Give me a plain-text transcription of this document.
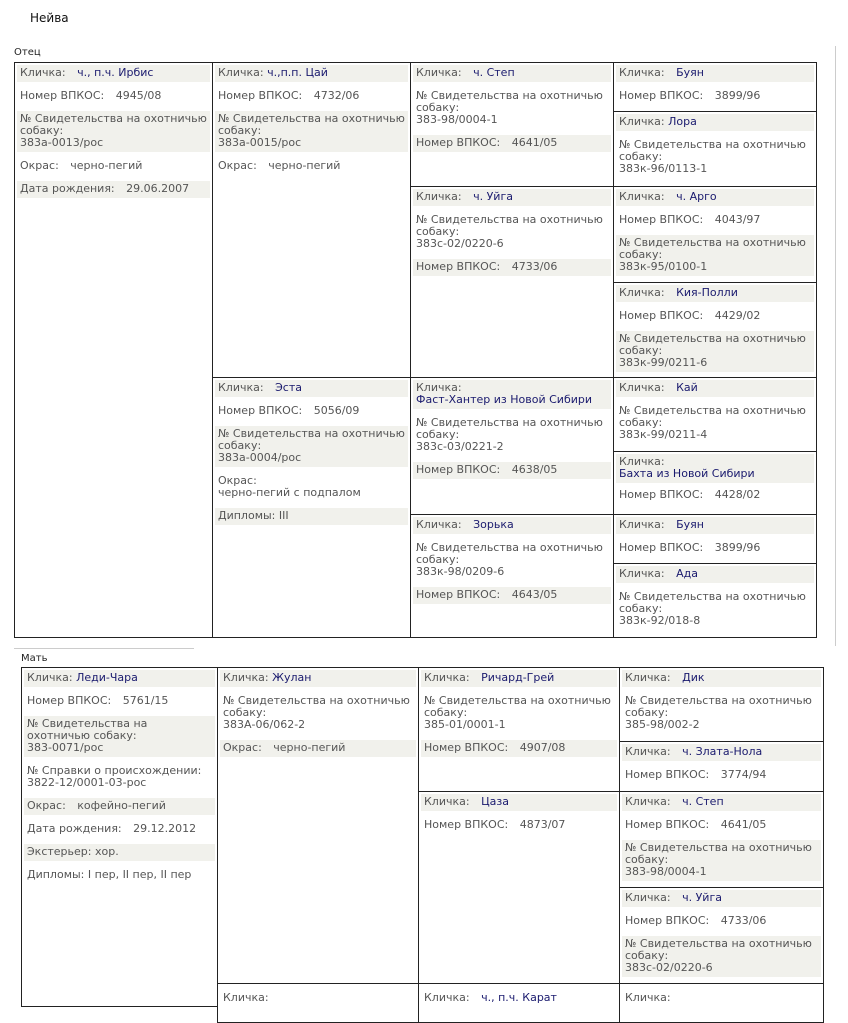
Нейва
Отец
Кличка: ч., п.ч. Ирбис
Номер ВПКОС: 4945/08
№ Свидетельства на охотничью собаку:
383а-0013/рос
Окрас: черно-пегий
Дата рождения: 29.06.2007
Кличка: ч.,п.п. Цай
Номер ВПКОС: 4732/06
№ Свидетельства на охотничью собаку:
383а-0015/рос
Окрас: черно-пегий
Кличка: Эста
Номер ВПКОС: 5056/09
№ Свидетельства на охотничью собаку:
383а-0004/рос
Окрас:
черно-пегий с подпалом
Дипломы: III
Кличка: ч. Степ
№ Свидетельства на охотничью собаку:
383-98/0004-1
Номер ВПКОС: 4641/05
Кличка: ч. Уйга
№ Свидетельства на охотничью собаку:
383с-02/0220-6
Номер ВПКОС: 4733/06
Кличка:
Фаст-Хантер из Новой Сибири
№ Свидетельства на охотничью собаку:
383с-03/0221-2
Номер ВПКОС: 4638/05
Кличка: Зорька
№ Свидетельства на охотничью собаку:
383к-98/0209-6
Номер ВПКОС: 4643/05
Кличка: Буян
Номер ВПКОС: 3899/96
Кличка: Лора
№ Свидетельства на охотничью собаку:
383к-96/0113-1
Кличка: ч. Арго
Номер ВПКОС: 4043/97
№ Свидетельства на охотничью собаку:
383к-95/0100-1
Кличка: Кия-Полли
Номер ВПКОС: 4429/02
№ Свидетельства на охотничью собаку:
383к-99/0211-6
Кличка: Кай
№ Свидетельства на охотничью собаку:
383к-99/0211-4
Кличка:
Бахта из Новой Сибири
Номер ВПКОС: 4428/02
Кличка: Буян
Номер ВПКОС: 3899/96
Кличка: Ада
№ Свидетельства на охотничью собаку:
383к-92/018-8
Мать
Кличка: Леди-Чара
Номер ВПКОС: 5761/15
№ Свидетельства на охотничью собаку:
383-0071/рос
№ Справки о происхождении:
3822-12/0001-03-рос
Окрас: кофейно-пегий
Дата рождения: 29.12.2012
Экстерьер: хор.
Дипломы: I пер, II пер, II пер
Кличка: Жулан
№ Свидетельства на охотничью собаку:
383А-06/062-2
Окрас: черно-пегий
Кличка: Ричард-Грей
№ Свидетельства на охотничью собаку:
385-01/0001-1
Номер ВПКОС: 4907/08
Кличка: Цаза
Номер ВПКОС: 4873/07
Кличка: Дик
№ Свидетельства на охотничью собаку:
385-98/002-2
Кличка: ч. Злата-Нола
Номер ВПКОС: 3774/94
Кличка: ч. Степ
Номер ВПКОС: 4641/05
№ Свидетельства на охотничью собаку:
383-98/0004-1
Кличка: ч. Уйга
Номер ВПКОС: 4733/06
№ Свидетельства на охотничью собаку:
383с-02/0220-6
Кличка:	Кличка: ч., п.ч. Карат	Кличка:
